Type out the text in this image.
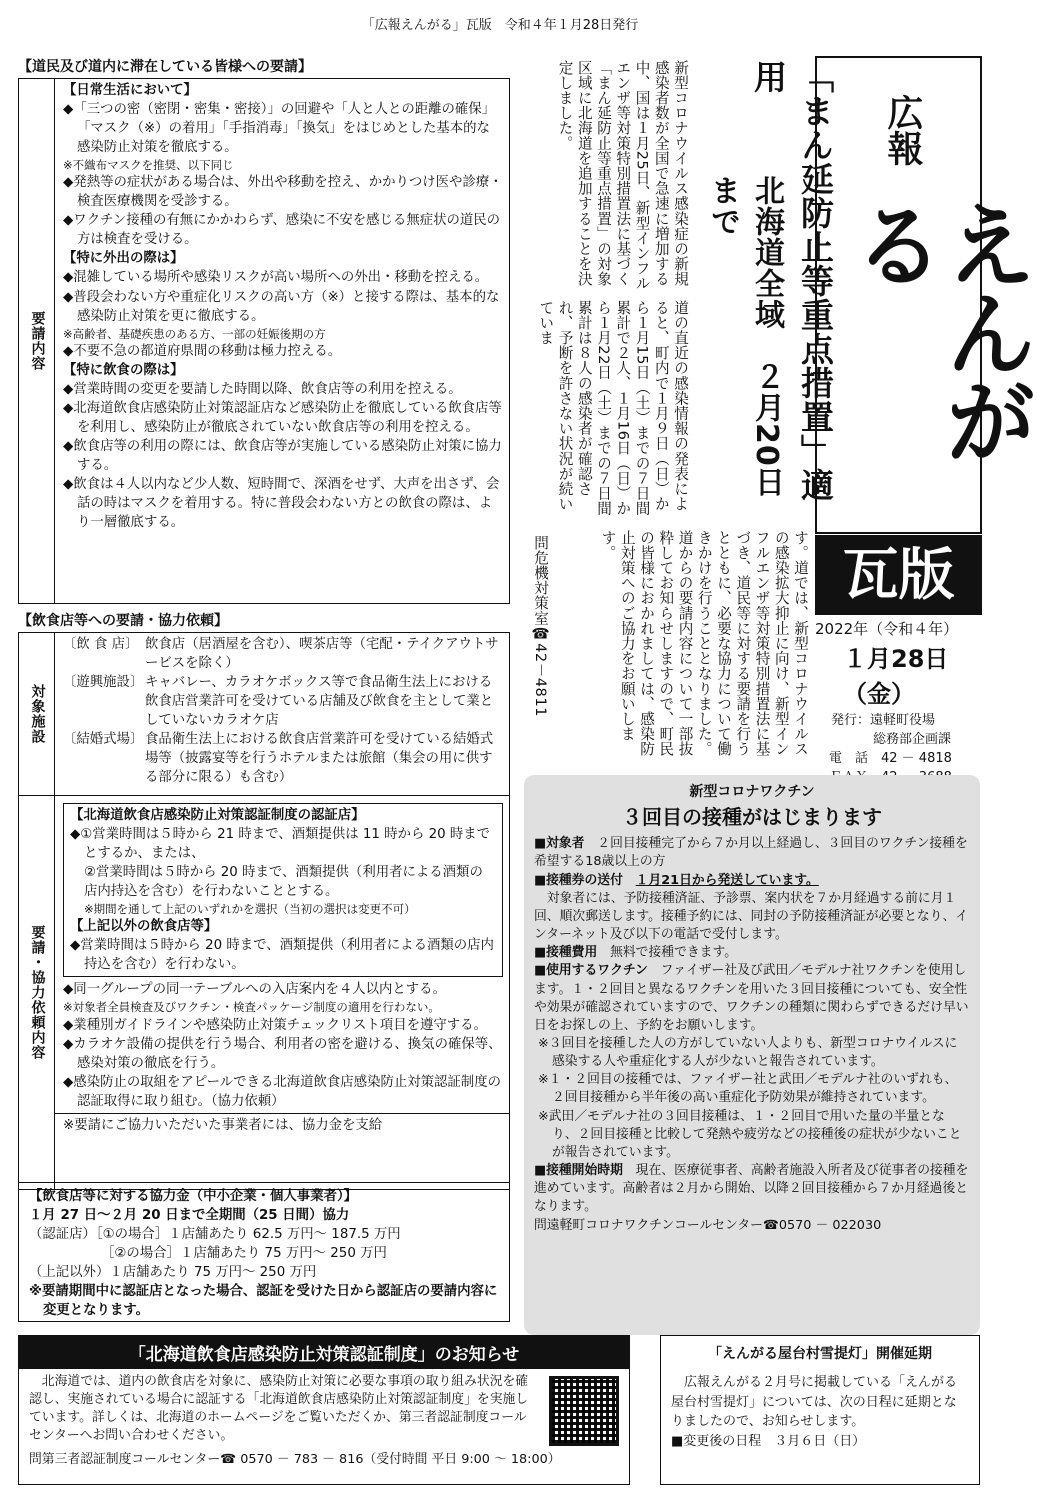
「広報えんがる」瓦版　令和４年１月28日発行
【道民及び道内に滞在している皆様への要請】
要請内容
【日常生活において】
◆「三つの密（密閉・密集・密接）」の回避や「人と人との距離の確保」「マスク（※）の着用」「手指消毒」「換気」をはじめとした基本的な感染防止対策を徹底する。
※不織布マスクを推奨、以下同じ
◆発熱等の症状がある場合は、外出や移動を控え、かかりつけ医や診療・検査医療機関を受診する。
◆ワクチン接種の有無にかかわらず、感染に不安を感じる無症状の道民の方は検査を受ける。
【特に外出の際は】
◆混雑している場所や感染リスクが高い場所への外出・移動を控える。
◆普段会わない方や重症化リスクの高い方（※）と接する際は、基本的な感染防止対策を更に徹底する。
※高齢者、基礎疾患のある方、一部の妊娠後期の方
◆不要不急の都道府県間の移動は極力控える。
【特に飲食の際は】
◆営業時間の変更を要請した時間以降、飲食店等の利用を控える。
◆北海道飲食店感染防止対策認証店など感染防止を徹底している飲食店等を利用し、感染防止が徹底されていない飲食店等の利用を控える。
◆飲食店等の利用の際には、飲食店等が実施している感染防止対策に協力する。
◆飲食は４人以内など少人数、短時間で、深酒をせず、大声を出さず、会話の時はマスクを着用する。特に普段会わない方との飲食の際は、より一層徹底する。
【飲食店等への要請・協力依頼】
対象施設
〔飲 食 店〕 飲食店（居酒屋を含む）、喫茶店等（宅配・テイクアウトサービスを除く）
〔遊興施設〕 キャバレー、カラオケボックス等で食品衛生法上における飲食店営業許可を受けている店舗及び飲食を主として業としていないカラオケ店
〔結婚式場〕 食品衛生法上における飲食店営業許可を受けている結婚式場等（披露宴等を行うホテルまたは旅館（集会の用に供する部分に限る）も含む）
要請・協力依頼内容
【北海道飲食店感染防止対策認証制度の認証店】
◆①営業時間は５時から 21 時まで、酒類提供は 11 時から 20 時までとするか、または、
②営業時間は５時から 20 時まで、酒類提供（利用者による酒類の店内持込を含む）を行わないこととする。
※期間を通して上記のいずれかを選択（当初の選択は変更不可）
【上記以外の飲食店等】
◆営業時間は５時から 20 時まで、酒類提供（利用者による酒類の店内持込を含む）を行わない。
◆同一グループの同一テーブルへの入店案内を４人以内とする。
※対象者全員検査及びワクチン・検査パッケージ制度の適用を行わない。
◆業種別ガイドラインや感染防止対策チェックリスト項目を遵守する。
◆カラオケ設備の提供を行う場合、利用者の密を避ける、換気の確保等、感染対策の徹底を行う。
◆感染防止の取組をアピールできる北海道飲食店感染防止対策認証制度の認証取得に取り組む。（協力依頼）
※要請にご協力いただいた事業者には、協力金を支給
【飲食店等に対する協力金（中小企業・個人事業者）】
１月 27 日～２月 20 日まで全期間（25 日間）協力
（認証店）［①の場合］１店舗あたり 62.5 万円～ 187.5 万円
［②の場合］１店舗あたり 75 万円～ 250 万円
（上記以外）１店舗あたり 75 万円～ 250 万円
※要請期間中に認証店となった場合、認証を受けた日から認証店の要請内容に変更となります。
広報
えんがる
瓦版
2022年（令和４年）
１月28日（金）
発行：遠軽町役場
総務部企画課
電　話　42 － 4818
「まん延防止等重点措置」適用
北海道全域　２月20日まで
新型コロナウイルス感染症の新規感染者数が全国で急速に増加する中、国は１月25日、新型インフルエンザ等対策特別措置法に基づく「まん延防止等重点措置」の対象区域に北海道を追加することを決定しました。
道の直近の感染情報の発表によると、町内で１月９日（日）から１月15日（土）までの７日間累計で２人、１月16日（日）から１月22日（土）までの７日間累計は８人の感染者が確認され、予断を許さない状況が続いていま
す。道では、新型コロナウイルスの感染拡大抑止に向け、新型インフルエンザ等対策特別措置法に基づき、道民等に対する要請を行うとともに、必要な協力について働きかけを行うこととなりました。道からの要請内容について一部抜粋してお知らせしますので、町民の皆様におかれましては、感染防止対策へのご協力をお願いします。
問危機対策室☎42－4811
新型コロナワクチン
３回目の接種がはじまります
■対象者　 ２回目接種完了から７か月以上経過し、３回目のワクチン接種を希望する18歳以上の方
■接種券の送付　 １月21日から発送しています。
対象者には、予防接種済証、予診票、案内状を７か月経過する前に月１回、順次郵送します。接種予約には、同封の予防接種済証が必要となり、インターネット及び以下の電話で受付します。
■接種費用　 無料で接種できます。
■使用するワクチン　 ファイザー社及び武田／モデルナ社ワクチンを使用します。１・２回目と異なるワクチンを用いた３回目接種についても、安全性や効果が確認されていますので、ワクチンの種類に関わらずできるだけ早い日をお探しの上、予約をお願いします。
※３回目を接種した人の方がしていない人よりも、新型コロナウイルスに感染する人や重症化する人が少ないと報告されています。
※１・２回目の接種では、ファイザー社と武田／モデルナ社のいずれも、２回目接種から半年後の高い重症化予防効果が維持されています。
※武田／モデルナ社の３回目接種は、１・２回目で用いた量の半量となり、２回目接種と比較して発熱や疲労などの接種後の症状が少ないことが報告されています。
■接種開始時期　 現在、医療従事者、高齢者施設入所者及び従事者の接種を進めています。高齢者は２月から開始、以降２回目接種から７か月経過後となります。
問遠軽町コロナワクチンコールセンター☎0570 － 022030
「北海道飲食店感染防止対策認証制度」のお知らせ
北海道では、道内の飲食店を対象に、感染防止対策に必要な事項の取り組み状況を確認し、実施されている場合に認証する「北海道飲食店感染防止対策認証制度」を実施しています。詳しくは、北海道のホームページをご覧いただくか、第三者認証制度コールセンターへお問い合わせください。
問第三者認証制度コールセンター☎ 0570 － 783 － 816（受付時間 平日 9:00 ～ 18:00）
「えんがる屋台村雪提灯」開催延期
広報えんがる２月号に掲載している「えんがる屋台村雪提灯」については、次の日程に延期となりましたので、お知らせします。
■変更後の日程　３月６日（日）
